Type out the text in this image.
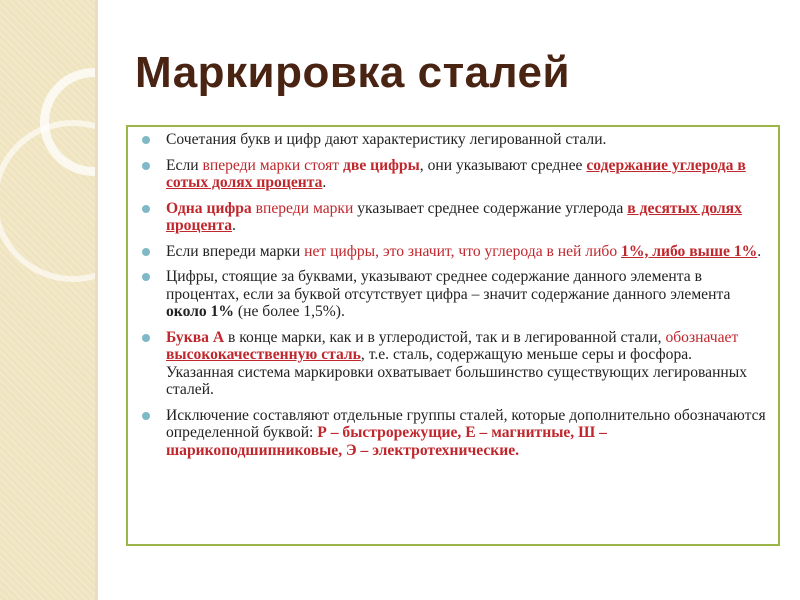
Маркировка сталей
Сочетания букв и цифр дают характеристику легированной стали.
Если впереди марки стоят две цифры, они указывают среднее содержание углерода в сотых долях процента.
Одна цифра впереди марки указывает среднее содержание углерода в десятых долях процента.
Если впереди марки нет цифры, это значит, что углерода в ней либо 1%, либо выше 1%.
Цифры, стоящие за буквами, указывают среднее содержание данного элемента в процентах, если за буквой отсутствует цифра – значит содержание данного элемента около 1% (не более 1,5%).
Буква А в конце марки, как и в углеродистой, так и в легированной стали, обозначает высококачественную сталь, т.е. сталь, содержащую меньше серы и фосфора.
Указанная система маркировки охватывает большинство существующих легированных сталей.
Исключение составляют отдельные группы сталей, которые дополнительно обозначаются определенной буквой: Р – быстрорежущие, Е – магнитные, Ш – шарикоподшипниковые, Э – электротехнические.
